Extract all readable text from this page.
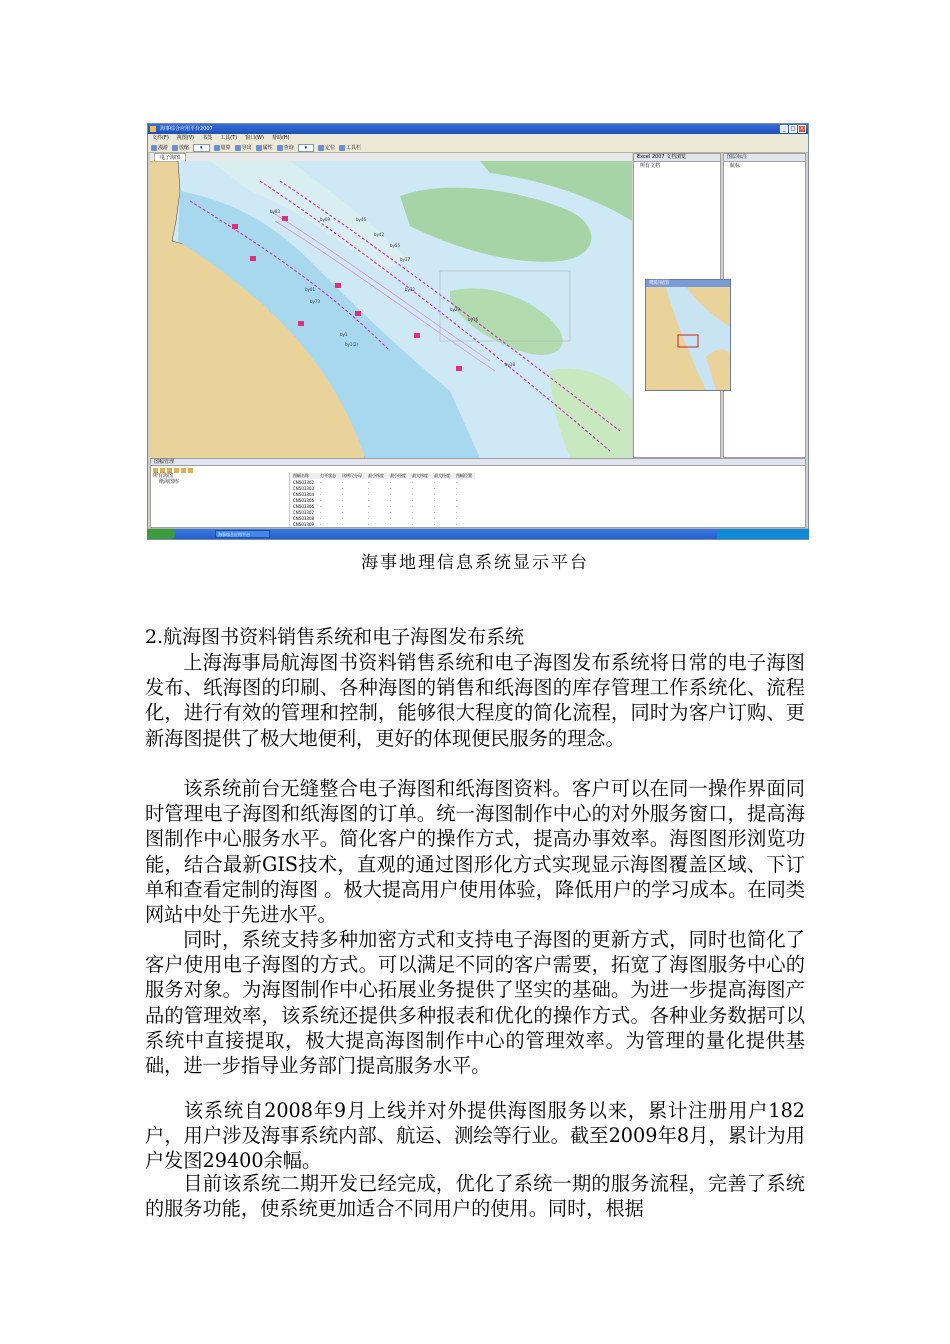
海事综合应用平台2007	_	□ ×
文件(F) 视图(V) 书签 工具(T) 窗口(W) 帮助(H)
漫游 放缩	▾	量算 导出 属性 查询	▾	定位 工具栏
电子海图
by83
by46
by42
by55
by37
by32
by29
by16
by09
by01
by73
by1
by1(2)
by18
Excel 2007 文档浏览
所有文档
图层标注
航标
鹰眼视图
图幅管理
所有海图
纸海图库
图幅名称	打开状态	比例尺分母	最小纬度	最小经度	最大纬度	最大经度	图幅位置
CN503302	·	·	·	·	·	·	·
CN503303	·	·	·	·	·	·	·
CN503304	·	·	·	·	·	·	·
CN503305	·	·	·	·	·	·	·
CN503306	·	·	·	·	·	·	·
CN503307	·	·	·	·	·	·	·
CN503308	·	·	·	·	·	·	·
CN503309	·	·	·	·	·	·	·
海事综合应用平台
海事地理信息系统显示平台
2.航海图书资料销售系统和电子海图发布系统

上海海事局航海图书资料销售系统和电子海图发布系统将日常的电子海图发布、纸海图的印刷、各种海图的销售和纸海图的库存管理工作系统化、流程化，进行有效的管理和控制，能够很大程度的简化流程，同时为客户订购、更新海图提供了极大地便利，更好的体现便民服务的理念。

该系统前台无缝整合电子海图和纸海图资料。客户可以在同一操作界面同时管理电子海图和纸海图的订单。统一海图制作中心的对外服务窗口，提高海图制作中心服务水平。简化客户的操作方式，提高办事效率。海图图形浏览功能，结合最新GIS技术，直观的通过图形化方式实现显示海图覆盖区域、下订单和查看定制的海图 。极大提高用户使用体验，降低用户的学习成本。在同类网站中处于先进水平。

同时，系统支持多种加密方式和支持电子海图的更新方式，同时也简化了客户使用电子海图的方式。可以满足不同的客户需要，拓宽了海图服务中心的服务对象。为海图制作中心拓展业务提供了坚实的基础。为进一步提高海图产品的管理效率，该系统还提供多种报表和优化的操作方式。各种业务数据可以系统中直接提取，极大提高海图制作中心的管理效率。为管理的量化提供基础，进一步指导业务部门提高服务水平。

该系统自2008年9月上线并对外提供海图服务以来，累计注册用户182户，用户涉及海事系统内部、航运、测绘等行业。截至2009年8月，累计为用户发图29400余幅。

目前该系统二期开发已经完成，优化了系统一期的服务流程，完善了系统的服务功能，使系统更加适合不同用户的使用。同时，根据
